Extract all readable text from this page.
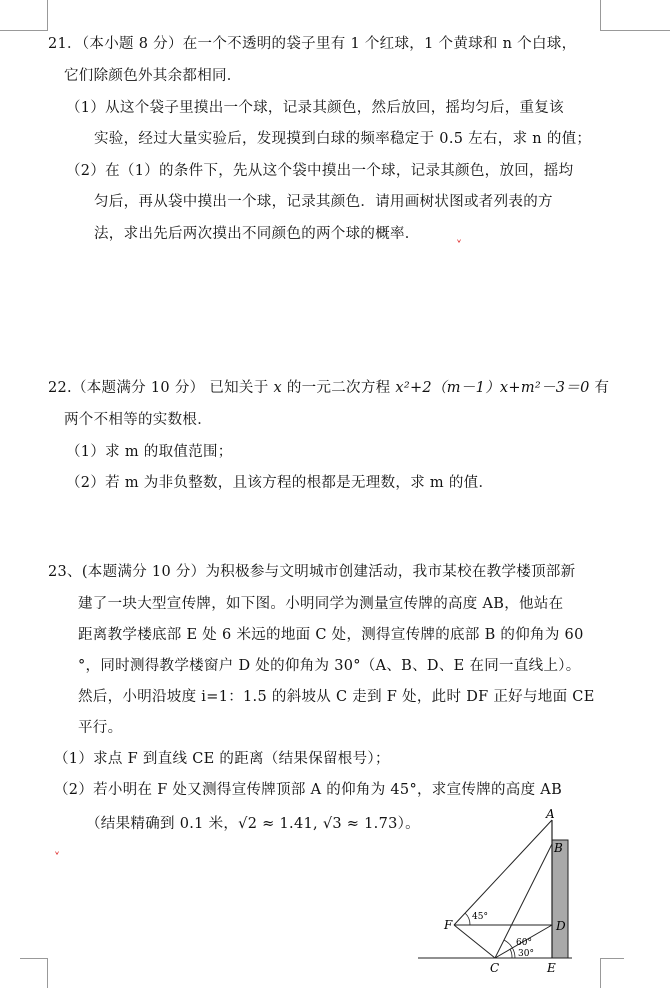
21．（本小题 8 分）在一个不透明的袋子里有 1 个红球，1 个黄球和 n 个白球，
它们除颜色外其余都相同．
（1）从这个袋子里摸出一个球，记录其颜色，然后放回，摇均匀后，重复该
实验，经过大量实验后，发现摸到白球的频率稳定于 0.5 左右，求 n 的值；
（2）在（1）的条件下，先从这个袋中摸出一个球，记录其颜色，放回，摇均
匀后，再从袋中摸出一个球，记录其颜色．请用画树状图或者列表的方
法，求出先后两次摸出不同颜色的两个球的概率．	ˬ
22.（本题满分 10 分） 已知关于 x 的一元二次方程 x²+2（m－1）x+m²－3＝0 有
两个不相等的实数根．
（1）求 m 的取值范围；
（2）若 m 为非负整数，且该方程的根都是无理数，求 m 的值．
23、(本题满分 10 分）为积极参与文明城市创建活动，我市某校在教学楼顶部新
建了一块大型宣传牌，如下图。小明同学为测量宣传牌的高度 AB，他站在
距离教学楼底部 E 处 6 米远的地面 C 处，测得宣传牌的底部 B 的仰角为 60
°，同时测得教学楼窗户 D 处的仰角为 30°（A、B、D、E 在同一直线上）。
然后，小明沿坡度 i=1：1.5 的斜坡从 C 走到 F 处，此时 DF 正好与地面 CE
平行。
（1）求点 F 到直线 CE 的距离（结果保留根号）；
（2）若小明在 F 处又测得宣传牌顶部 A 的仰角为 45°，求宣传牌的高度 AB
（结果精确到 0.1 米，√2 ≈ 1.41, √3 ≈ 1.73）。
ˬ
A
B
D
F
C	E
45°
60°
30°
